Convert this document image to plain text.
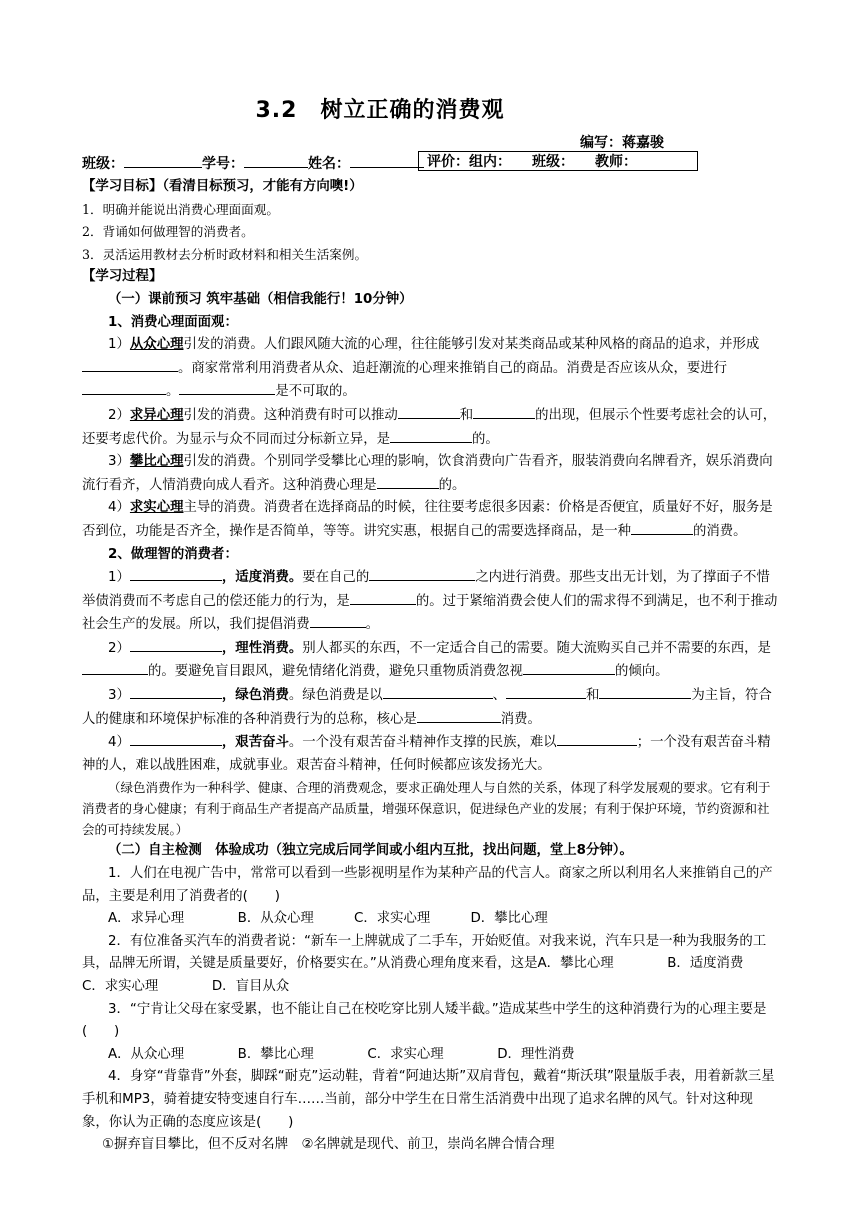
3.2　树立正确的消费观
编写：蒋嘉骏
班级：	学号：	姓名：	评价：组内：　　班级：　　教师：

【学习目标】（看清目标预习，才能有方向噢!）

1．明确并能说出消费心理面面观。

2．背诵如何做理智的消费者。

3．灵活运用教材去分析时政材料和相关生活案例。

【学习过程】

（一）课前预习 筑牢基础（相信我能行！10分钟）

1、消费心理面面观：

1）从众心理引发的消费。人们跟风随大流的心理，往往能够引发对某类商品或某种风格的商品的追求，并形成。商家常常利用消费者从众、追赶潮流的心理来推销自己的商品。消费是否应该从众，要进行。	是不可取的。

2）求异心理引发的消费。这种消费有时可以推动	和	的出现，但展示个性要考虑社会的认可，还要考虑代价。为显示与众不同而过分标新立异，是	的。

3）攀比心理引发的消费。个别同学受攀比心理的影响，饮食消费向广告看齐，服装消费向名牌看齐，娱乐消费向流行看齐，人情消费向成人看齐。这种消费心理是	的。

4）求实心理主导的消费。消费者在选择商品的时候，往往要考虑很多因素：价格是否便宜，质量好不好，服务是否到位，功能是否齐全，操作是否简单，等等。讲究实惠，根据自己的需要选择商品，是一种	的消费。

2、做理智的消费者：

1）	，适度消费。要在自己的	之内进行消费。那些支出无计划，为了撑面子不惜举债消费而不考虑自己的偿还能力的行为，是	的。过于紧缩消费会使人们的需求得不到满足，也不利于推动社会生产的发展。所以，我们提倡消费	。

2）	，理性消费。别人都买的东西，不一定适合自己的需要。随大流购买自己并不需要的东西，是的。要避免盲目跟风，避免情绪化消费，避免只重物质消费忽视	的倾向。

3）	，绿色消费。绿色消费是以	、	和	为主旨，符合人的健康和环境保护标准的各种消费行为的总称，核心是	消费。

4）	，艰苦奋斗。一个没有艰苦奋斗精神作支撑的民族，难以	；一个没有艰苦奋斗精神的人，难以战胜困难，成就事业。艰苦奋斗精神，任何时候都应该发扬光大。

（绿色消费作为一种科学、健康、合理的消费观念，要求正确处理人与自然的关系，体现了科学发展观的要求。它有利于消费者的身心健康；有利于商品生产者提高产品质量，增强环保意识，促进绿色产业的发展；有利于保护环境，节约资源和社会的可持续发展。）

（二）自主检测　体验成功（独立完成后同学间或小组内互批，找出问题，堂上8分钟）。

1．人们在电视广告中，常常可以看到一些影视明星作为某种产品的代言人。商家之所以利用名人来推销自己的产品，主要是利用了消费者的(　　)

A．求异心理　　　　B．从众心理　　　C．求实心理　　　D．攀比心理

2．有位准备买汽车的消费者说：“新车一上牌就成了二手车，开始贬值。对我来说，汽车只是一种为我服务的工具，品牌无所谓，关键是质量要好，价格要实在。”从消费心理角度来看，这是A．攀比心理　　　　B．适度消费　　　C．求实心理　　　　D．盲目从众

3．“宁肯让父母在家受累，也不能让自己在校吃穿比别人矮半截。”造成某些中学生的这种消费行为的心理主要是(　　)

A．从众心理　　　　B．攀比心理　　　　C．求实心理　　　　D．理性消费

4．身穿“背靠背”外套，脚踩“耐克”运动鞋，背着“阿迪达斯”双肩背包，戴着“斯沃琪”限量版手表，用着新款三星手机和MP3，骑着捷安特变速自行车……当前，部分中学生在日常生活消费中出现了追求名牌的风气。针对这种现象，你认为正确的态度应该是(　　)

①摒弃盲目攀比，但不反对名牌　②名牌就是现代、前卫，崇尚名牌合情合理
